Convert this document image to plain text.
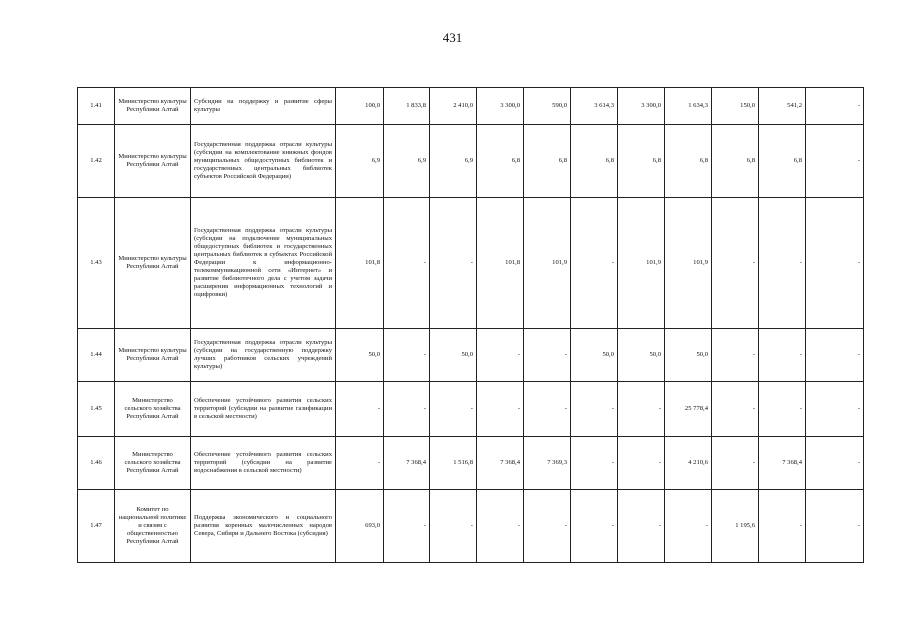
431
1.41	Министерство культуры Республики Алтай	Субсидии на поддержку и развитие сферы культуры	100,0	1 833,8	2 410,0	3 300,0	590,0	3 614,3	3 300,0	1 634,3	150,0	541,2	-
1.42	Министерство культуры Республики Алтай	Государственная поддержка отрасли культуры (субсидии на комплектование книжных фондов муниципальных общедоступных библиотек и государственных центральных библиотек субъектов Российской Федерации)	6,9	6,9	6,9	6,8	6,8	6,8	6,8	6,8	6,8	6,8	-
1.43	Министерство культуры Республики Алтай	Государственная поддержка отрасли культуры (субсидии на подключение муниципальных общедоступных библиотек и государственных центральных библиотек в субъектах Российской Федерации к информационно-телекоммуникационной сети «Интернет» и развитие библиотечного дела с учетом задачи расширения информационных технологий и оцифровки)	101,8	-	-	101,8	101,9	-	101,9	101,9	-	-	-
1.44	Министерство культуры Республики Алтай	Государственная поддержка отрасли культуры (субсидии на государственную поддержку лучших работников сельских учреждений культуры)	50,0	-	50,0	-	-	50,0	50,0	50,0	-	-	-
1.45	Министерство сельского хозяйства Республики Алтай	Обеспечение устойчивого развития сельских территорий (субсидии на развитие газификации в сельской местности)	-	-	-	-	-	-	-	25 778,4	-	-	-
1.46	Министерство сельского хозяйства Республики Алтай	Обеспечение устойчивого развития сельских территорий (субсидии на развитие водоснабжения в сельской местности)	-	7 368,4	1 516,8	7 368,4	7 369,3	-	-	4 210,6	-	7 368,4	-
1.47	Комитет по национальной политике и связям с общественностью Республики Алтай	Поддержка экономического и социального развития коренных малочисленных народов Севера, Сибири и Дальнего Востока (субсидия)	693,0	-	-	-	-	-	-	-	1 195,6	-	-
